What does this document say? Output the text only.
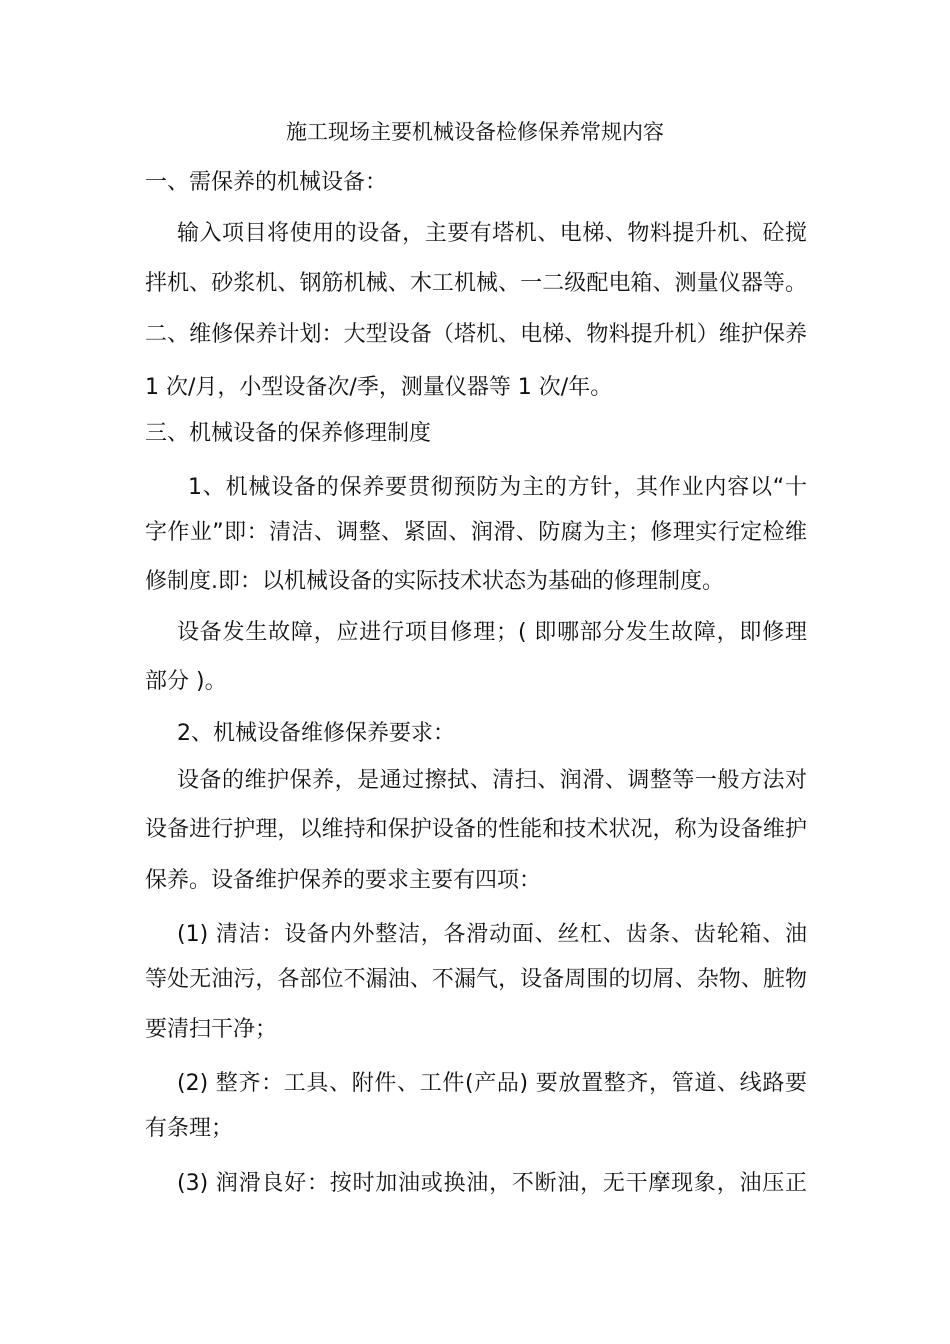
施工现场主要机械设备检修保养常规内容
一、需保养的机械设备：
输入项目将使用的设备，主要有塔机、电梯、物料提升机、砼搅
拌机、砂浆机、钢筋机械、木工机械、一二级配电箱、测量仪器等。
二、维修保养计划：大型设备（塔机、电梯、物料提升机）维护保养
1 次/月，小型设备次/季，测量仪器等 1 次/年。
三、机械设备的保养修理制度
1、机械设备的保养要贯彻预防为主的方针，其作业内容以“十
字作业”即：清洁、调整、紧固、润滑、防腐为主；修理实行定检维
修制度.即：以机械设备的实际技术状态为基础的修理制度。
设备发生故障，应进行项目修理；( 即哪部分发生故障，即修理
部分 )。
2、机械设备维修保养要求：
设备的维护保养，是通过擦拭、清扫、润滑、调整等一般方法对
设备进行护理，以维持和保护设备的性能和技术状况，称为设备维护
保养。设备维护保养的要求主要有四项：
(1) 清洁：设备内外整洁，各滑动面、丝杠、齿条、齿轮箱、油
等处无油污，各部位不漏油、不漏气，设备周围的切屑、杂物、脏物
要清扫干净；
(2) 整齐：工具、附件、工件(产品) 要放置整齐，管道、线路要
有条理；
(3) 润滑良好：按时加油或换油，不断油，无干摩现象，油压正
